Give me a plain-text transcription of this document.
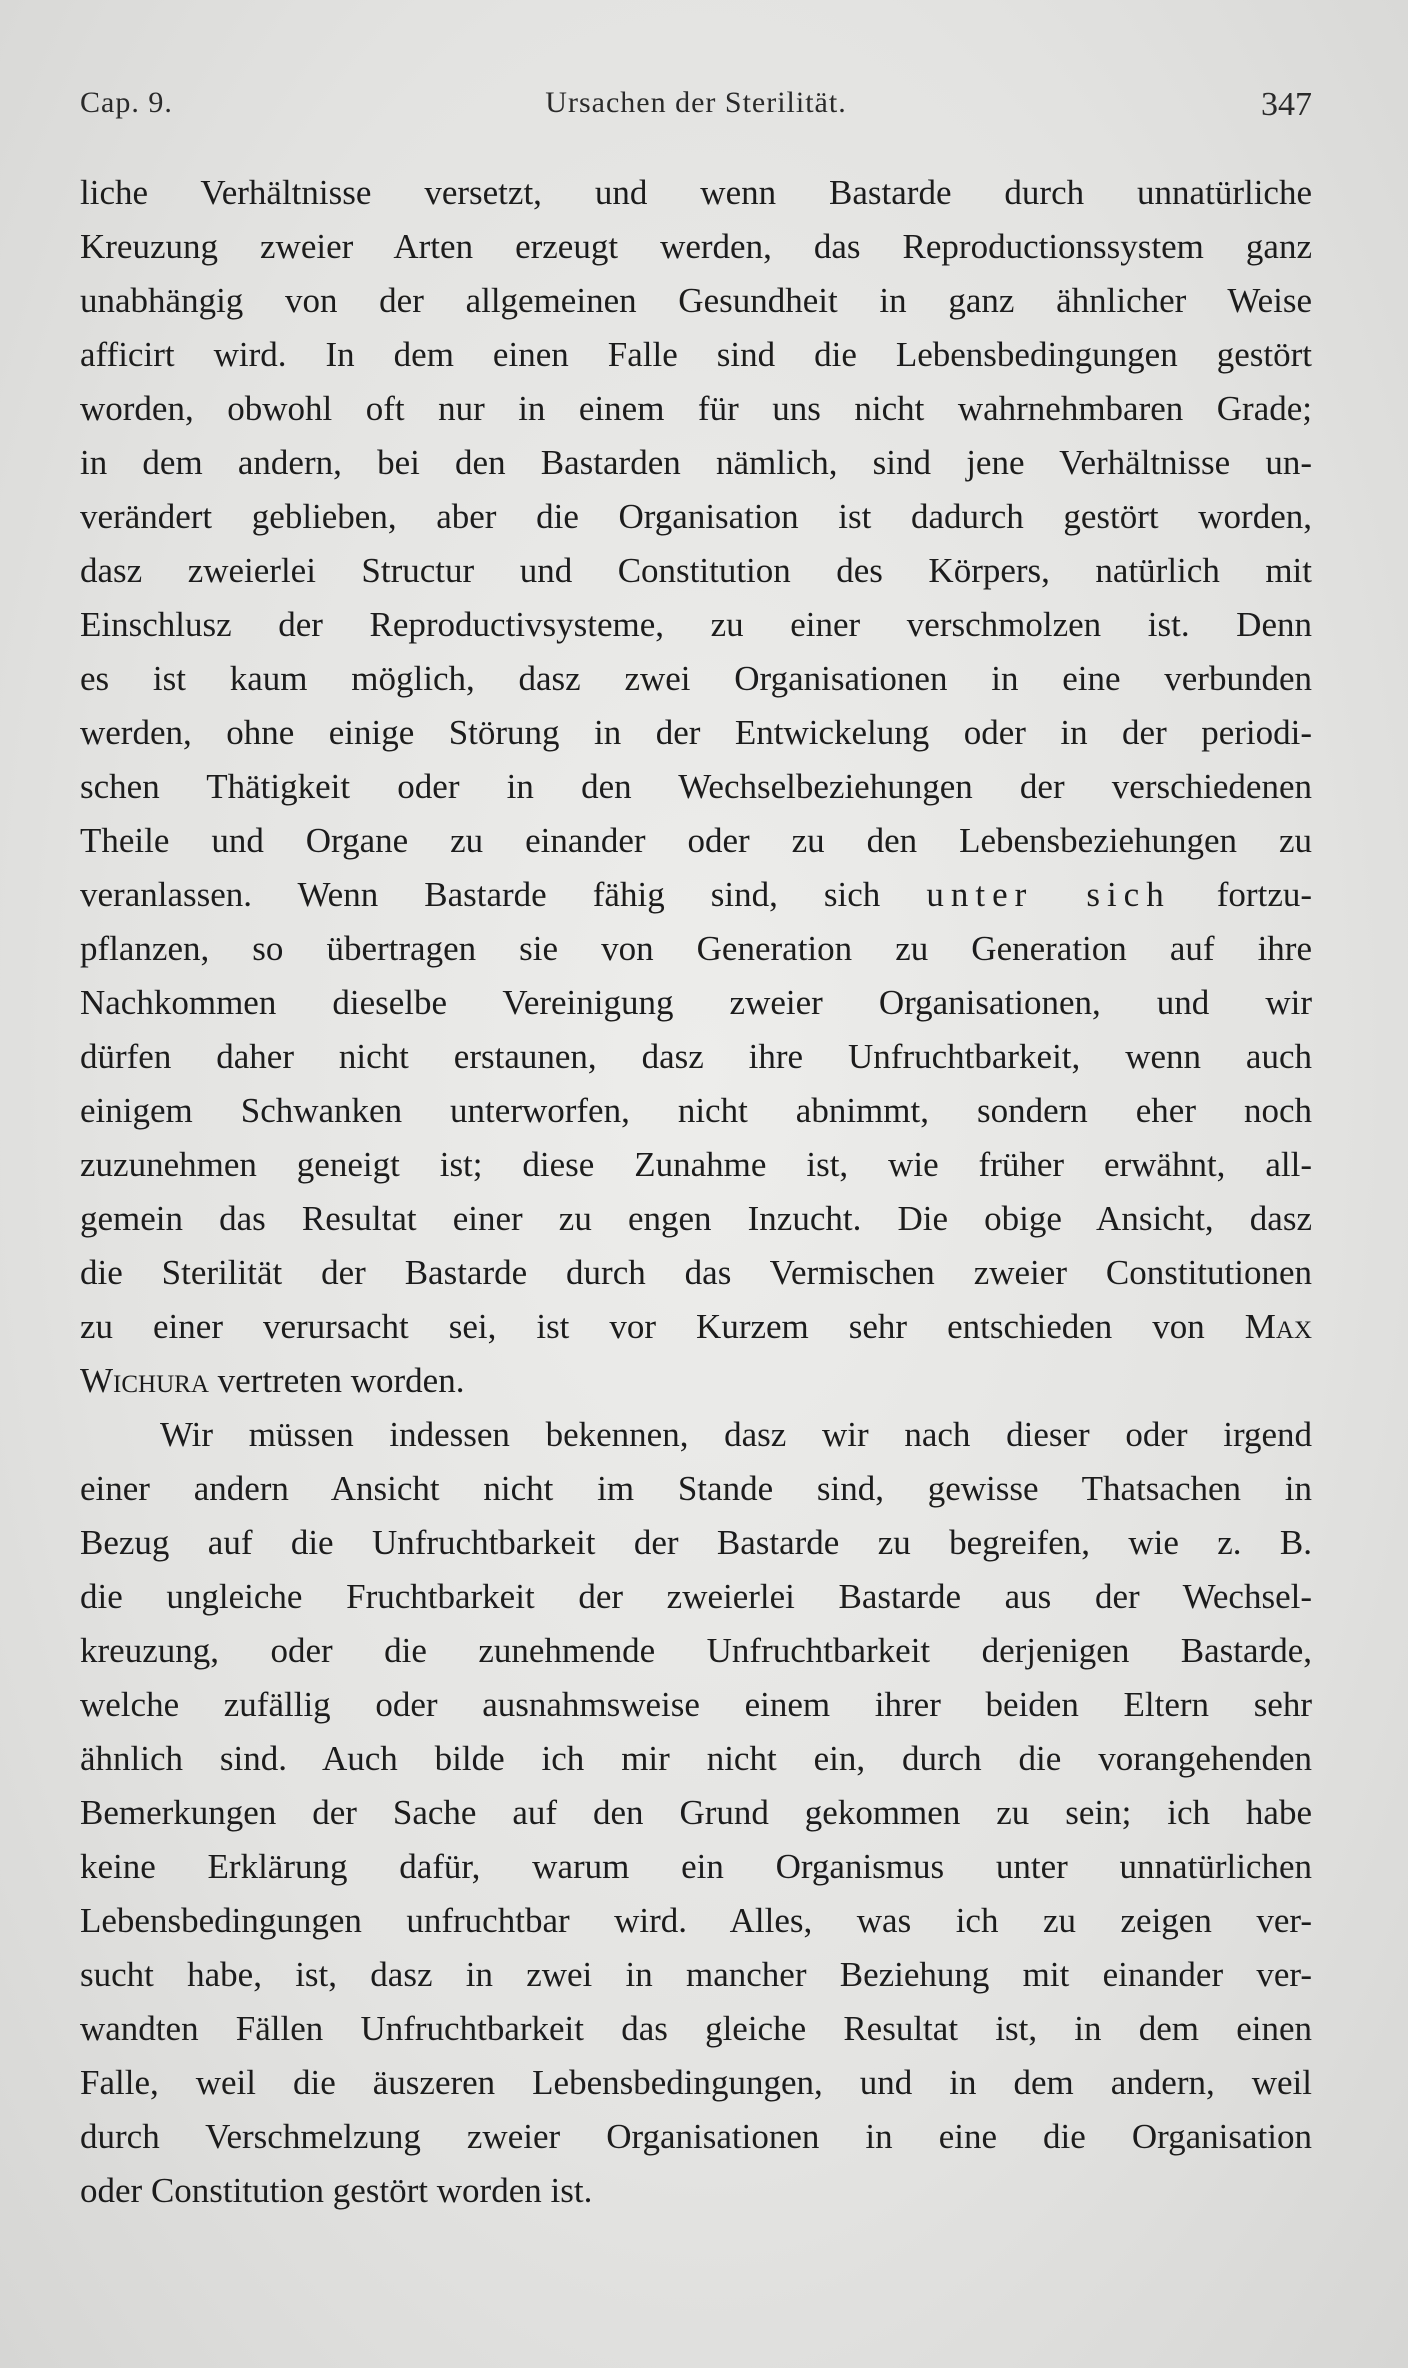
Cap. 9.	Ursachen der Sterilität.	347
liche Verhältnisse versetzt, und wenn Bastarde durch unnatürliche
Kreuzung zweier Arten erzeugt werden, das Reproductionssystem ganz
unabhängig von der allgemeinen Gesundheit in ganz ähnlicher Weise
afficirt wird. In dem einen Falle sind die Lebensbedingungen gestört
worden, obwohl oft nur in einem für uns nicht wahrnehmbaren Grade;
in dem andern, bei den Bastarden nämlich, sind jene Verhältnisse un-
verändert geblieben, aber die Organisation ist dadurch gestört worden,
dasz zweierlei Structur und Constitution des Körpers, natürlich mit
Einschlusz der Reproductivsysteme, zu einer verschmolzen ist. Denn
es ist kaum möglich, dasz zwei Organisationen in eine verbunden
werden, ohne einige Störung in der Entwickelung oder in der periodi-
schen Thätigkeit oder in den Wechselbeziehungen der verschiedenen
Theile und Organe zu einander oder zu den Lebensbeziehungen zu
veranlassen. Wenn Bastarde fähig sind, sich unter sich fortzu-
pflanzen, so übertragen sie von Generation zu Generation auf ihre
Nachkommen dieselbe Vereinigung zweier Organisationen, und wir
dürfen daher nicht erstaunen, dasz ihre Unfruchtbarkeit, wenn auch
einigem Schwanken unterworfen, nicht abnimmt, sondern eher noch
zuzunehmen geneigt ist; diese Zunahme ist, wie früher erwähnt, all-
gemein das Resultat einer zu engen Inzucht. Die obige Ansicht, dasz
die Sterilität der Bastarde durch das Vermischen zweier Constitutionen
zu einer verursacht sei, ist vor Kurzem sehr entschieden von Max
Wichura vertreten worden.
Wir müssen indessen bekennen, dasz wir nach dieser oder irgend
einer andern Ansicht nicht im Stande sind, gewisse Thatsachen in
Bezug auf die Unfruchtbarkeit der Bastarde zu begreifen, wie z. B.
die ungleiche Fruchtbarkeit der zweierlei Bastarde aus der Wechsel-
kreuzung, oder die zunehmende Unfruchtbarkeit derjenigen Bastarde,
welche zufällig oder ausnahmsweise einem ihrer beiden Eltern sehr
ähnlich sind. Auch bilde ich mir nicht ein, durch die vorangehenden
Bemerkungen der Sache auf den Grund gekommen zu sein; ich habe
keine Erklärung dafür, warum ein Organismus unter unnatürlichen
Lebensbedingungen unfruchtbar wird. Alles, was ich zu zeigen ver-
sucht habe, ist, dasz in zwei in mancher Beziehung mit einander ver-
wandten Fällen Unfruchtbarkeit das gleiche Resultat ist, in dem einen
Falle, weil die äuszeren Lebensbedingungen, und in dem andern, weil
durch Verschmelzung zweier Organisationen in eine die Organisation
oder Constitution gestört worden ist.
